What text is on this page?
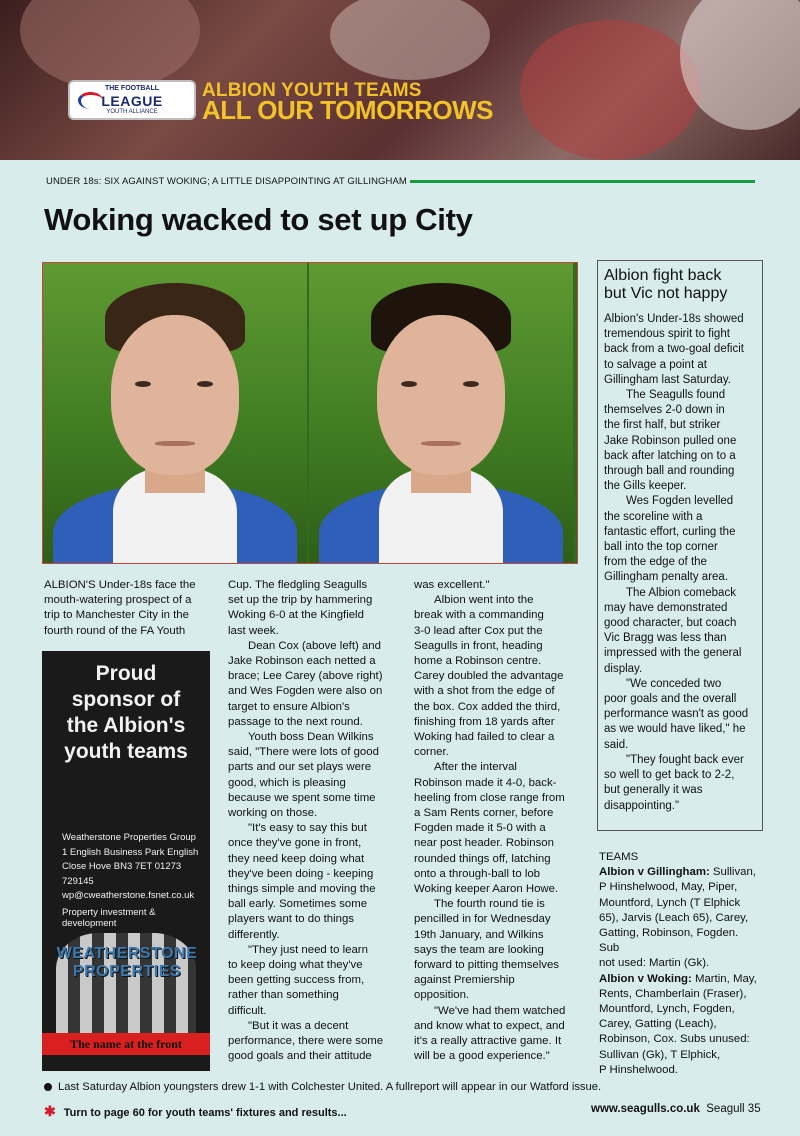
THE FOOTBALL
LEAGUE
YOUTH ALLIANCE
ALBION YOUTH TEAMS
ALL OUR TOMORROWS
UNDER 18s: SIX AGAINST WOKING; A LITTLE DISAPPOINTING AT GILLINGHAM
Woking wacked to set up City

ALBION'S Under-18s face the
mouth-watering prospect of a
trip to Manchester City in the
fourth round of the FA Youth

Proud
sponsor of
the Albion's
youth teams
Weatherstone Properties Group
1 English Business Park English
Close Hove BN3 7ET 01273 729145
wp@cweatherstone.fsnet.co.uk
Property investment & development
WEATHERSTONE
PROPERTIES
The name at the front

Cup. The fledgling Seagulls
set up the trip by hammering
Woking 6-0 at the Kingfield
last week.

Dean Cox (above left) and
Jake Robinson each netted a
brace; Lee Carey (above right)
and Wes Fogden were also on
target to ensure Albion's
passage to the next round.

Youth boss Dean Wilkins
said, "There were lots of good
parts and our set plays were
good, which is pleasing
because we spent some time
working on those.

"It's easy to say this but
once they've gone in front,
they need keep doing what
they've been doing - keeping
things simple and moving the
ball early. Sometimes some
players want to do things
differently.

"They just need to learn
to keep doing what they've
been getting success from,
rather than something
difficult.

"But it was a decent
performance, there were some
good goals and their attitude

was excellent."

Albion went into the
break with a commanding
3-0 lead after Cox put the
Seagulls in front, heading
home a Robinson centre.
Carey doubled the advantage
with a shot from the edge of
the box. Cox added the third,
finishing from 18 yards after
Woking had failed to clear a
corner.

After the interval
Robinson made it 4-0, back-
heeling from close range from
a Sam Rents corner, before
Fogden made it 5-0 with a
near post header. Robinson
rounded things off, latching
onto a through-ball to lob
Woking keeper Aaron Howe.

The fourth round tie is
pencilled in for Wednesday
19th January, and Wilkins
says the team are looking
forward to pitting themselves
against Premiership
opposition.

"We've had them watched
and know what to expect, and
it's a really attractive game. It
will be a good experience."

Albion fight back
but Vic not happy

Albion's Under-18s showed
tremendous spirit to fight
back from a two-goal deficit
to salvage a point at
Gillingham last Saturday.

The Seagulls found
themselves 2-0 down in
the first half, but striker
Jake Robinson pulled one
back after latching on to a
through ball and rounding
the Gills keeper.

Wes Fogden levelled
the scoreline with a
fantastic effort, curling the
ball into the top corner
from the edge of the
Gillingham penalty area.

The Albion comeback
may have demonstrated
good character, but coach
Vic Bragg was less than
impressed with the general
display.

"We conceded two
poor goals and the overall
performance wasn't as good
as we would have liked," he
said.

"They fought back ever
so well to get back to 2-2,
but generally it was
disappointing."

TEAMS

Albion v Gillingham: Sullivan,
P Hinshelwood, May, Piper,
Mountford, Lynch (T Elphick
65), Jarvis (Leach 65), Carey,
Gatting, Robinson, Fogden. Sub
not used: Martin (Gk).

Albion v Woking: Martin, May,
Rents, Chamberlain (Fraser),
Mountford, Lynch, Fogden,
Carey, Gatting (Leach),
Robinson, Cox. Subs unused:
Sullivan (Gk), T Elphick,
P Hinshelwood.

Last Saturday Albion youngsters drew 1-1 with Colchester United. A fullreport will appear in our Watford issue.
✱ Turn to page 60 for youth teams' fixtures and results...	www.seagulls.co.uk Seagull 35
